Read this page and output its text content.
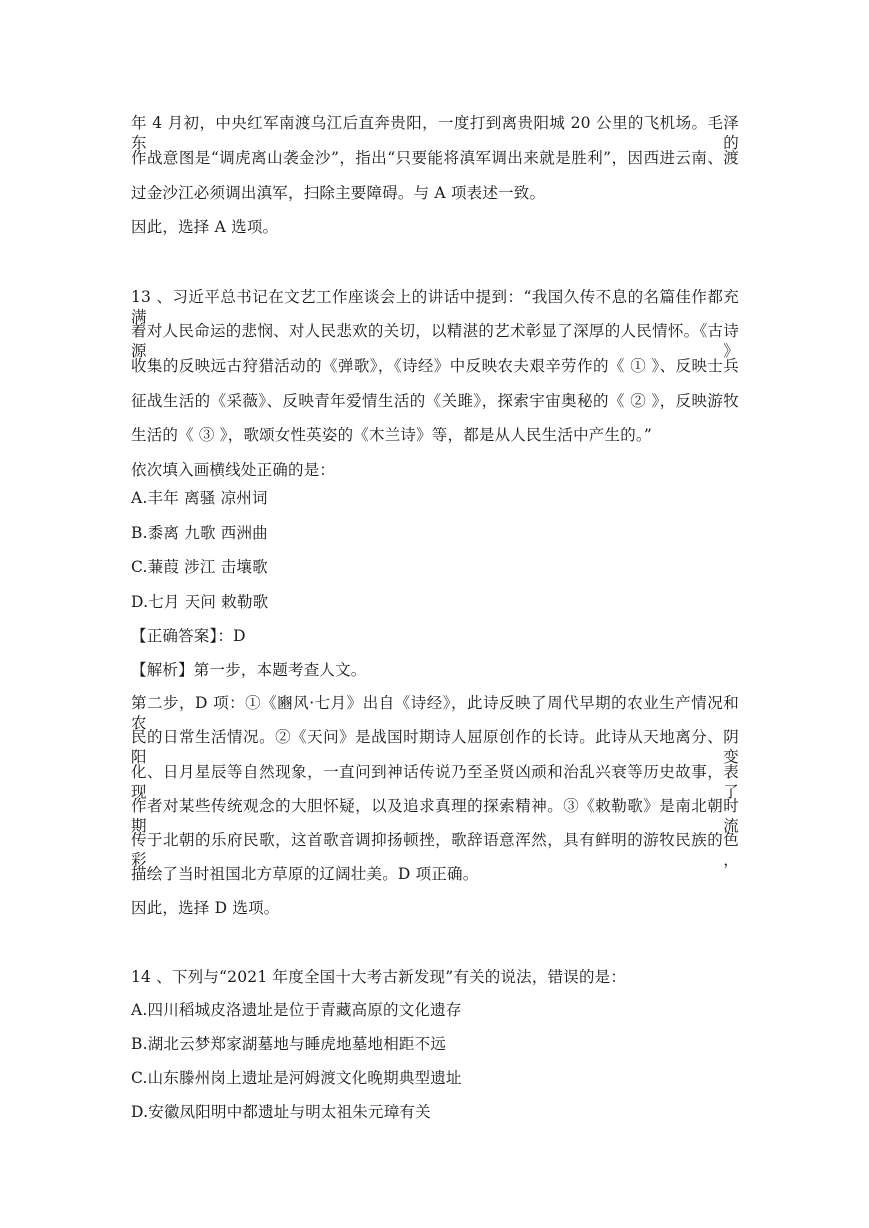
年 4 月初，中央红军南渡乌江后直奔贵阳，一度打到离贵阳城 20 公里的飞机场。毛泽东的
作战意图是“调虎离山袭金沙”，指出“只要能将滇军调出来就是胜利”，因西进云南、渡
过金沙江必须调出滇军，扫除主要障碍。与 A 项表述一致。
因此，选择 A 选项。
13 、习近平总书记在文艺工作座谈会上的讲话中提到：“我国久传不息的名篇佳作都充满
着对人民命运的悲悯、对人民悲欢的关切，以精湛的艺术彰显了深厚的人民情怀。《古诗源》
收集的反映远古狩猎活动的《弹歌》，《诗经》中反映农夫艰辛劳作的《 ① 》、反映士兵
征战生活的《采薇》、反映青年爱情生活的《关雎》，探索宇宙奥秘的《 ② 》，反映游牧
生活的《 ③ 》，歌颂女性英姿的《木兰诗》等，都是从人民生活中产生的。”
依次填入画横线处正确的是：
A.丰年 离骚 凉州词
B.黍离 九歌 西洲曲
C.蒹葭 涉江 击壤歌
D.七月 天问 敕勒歌
【正确答案】：D
【解析】第一步，本题考查人文。
第二步，D 项：①《豳风·七月》出自《诗经》，此诗反映了周代早期的农业生产情况和农
民的日常生活情况。②《天问》是战国时期诗人屈原创作的长诗。此诗从天地离分、阴阳变
化、日月星辰等自然现象，一直问到神话传说乃至圣贤凶顽和治乱兴衰等历史故事，表现了
作者对某些传统观念的大胆怀疑，以及追求真理的探索精神。③《敕勒歌》是南北朝时期流
传于北朝的乐府民歌，这首歌音调抑扬顿挫，歌辞语意浑然，具有鲜明的游牧民族的色彩，
描绘了当时祖国北方草原的辽阔壮美。D 项正确。
因此，选择 D 选项。
14 、下列与“2021 年度全国十大考古新发现”有关的说法，错误的是：
A.四川稻城皮洛遗址是位于青藏高原的文化遗存
B.湖北云梦郑家湖墓地与睡虎地墓地相距不远
C.山东滕州岗上遗址是河姆渡文化晚期典型遗址
D.安徽凤阳明中都遗址与明太祖朱元璋有关
